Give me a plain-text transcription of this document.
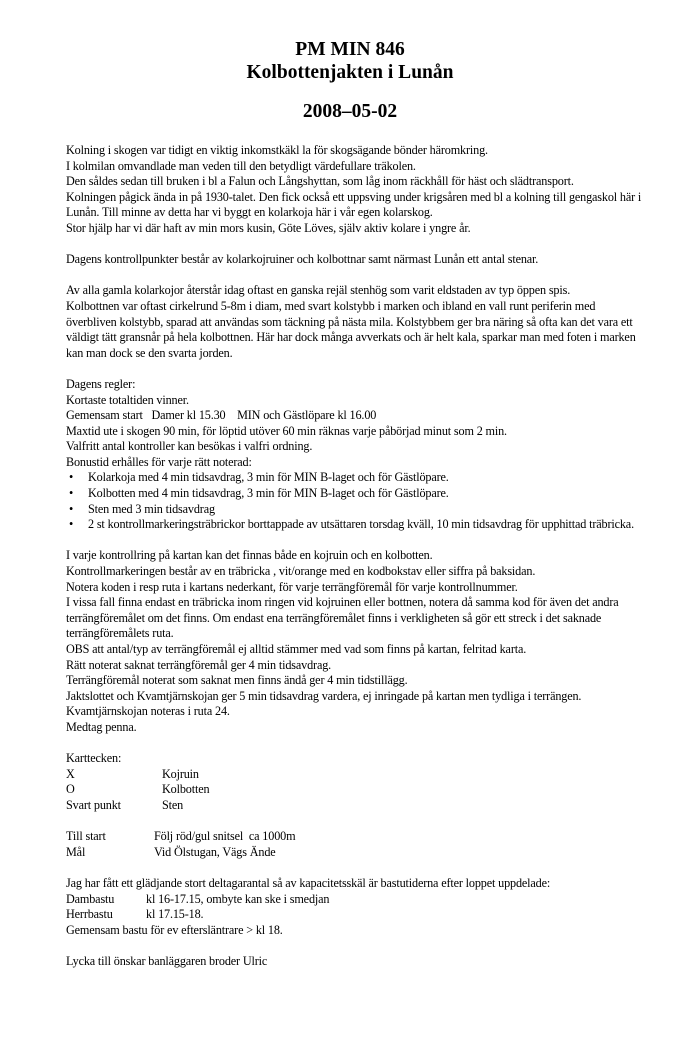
PM MIN 846
Kolbottenjakten i Lunån
2008–05-02

Kolning i skogen var tidigt en viktig inkomstkäkl la för skogsägande bönder häromkring.

I kolmilan omvandlade man veden till den betydligt värdefullare träkolen.

Den såldes sedan till bruken i bl a Falun och Långshyttan, som låg inom räckhåll för häst och slädtransport.

Kolningen pågick ända in på 1930-talet. Den fick också ett uppsving under krigsåren med bl a kolning till gengaskol här i Lunån. Till minne av detta har vi byggt en kolarkoja här i vår egen kolarskog.

Stor hjälp har vi där haft av min mors kusin, Göte Löves, själv aktiv kolare i yngre år.

Dagens kontrollpunkter består av kolarkojruiner och kolbottnar samt närmast Lunån ett antal stenar.

Av alla gamla kolarkojor återstår idag oftast en ganska rejäl stenhög som varit eldstaden av typ öppen spis.

Kolbottnen var oftast cirkelrund 5-8m i diam, med svart kolstybb i marken och ibland en vall runt periferin med överbliven kolstybb, sparad att användas som täckning på nästa mila. Kolstybbem ger bra näring så ofta kan det vara ett väldigt tätt gransnår på hela kolbottnen. Här har dock många avverkats och är helt kala, sparkar man med foten i marken kan man dock se den svarta jorden.

Dagens regler:

Kortaste totaltiden vinner.

Gemensam start   Damer kl 15.30    MIN och Gästlöpare kl 16.00

Maxtid ute i skogen 90 min, för löptid utöver 60 min räknas varje påbörjad minut som 2 min.

Valfritt antal kontroller kan besökas i valfri ordning.

Bonustid erhålles för varje rätt noterad:

• Kolarkoja med 4 min tidsavdrag, 3 min för MIN B-laget och för Gästlöpare.
• Kolbotten med 4 min tidsavdrag, 3 min för MIN B-laget och för Gästlöpare.
• Sten med 3 min tidsavdrag
• 2 st kontrollmarkeringsträbrickor borttappade av utsättaren torsdag kväll, 10 min tidsavdrag för upphittad träbricka.

I varje kontrollring på kartan kan det finnas både en kojruin och en kolbotten.

Kontrollmarkeringen består av en träbricka , vit/orange med en kodbokstav eller siffra på baksidan.

Notera koden i resp ruta i kartans nederkant, för varje terrängföremål för varje kontrollnummer.

I vissa fall finna endast en träbricka inom ringen vid kojruinen eller bottnen, notera då samma kod för även det andra terrängföremålet om det finns. Om endast ena terrängföremålet finns i verkligheten så gör ett streck i det saknade terrängföremålets ruta.

OBS att antal/typ av terrängföremål ej alltid stämmer med vad som finns på kartan, felritad karta.

Rätt noterat saknat terrängföremål ger 4 min tidsavdrag.

Terrängföremål noterat som saknat men finns ändå ger 4 min tidstillägg.

Jaktslottet och Kvamtjärnskojan ger 5 min tidsavdrag vardera, ej inringade på kartan men tydliga i terrängen. Kvamtjärnskojan noteras i ruta 24.

Medtag penna.

Karttecken:

X	Kojruin
O	Kolbotten
Svart punkt	Sten
Till start	Följ röd/gul snitsel  ca 1000m
Mål	Vid Ölstugan, Vägs Ände

Jag har fått ett glädjande stort deltagarantal så av kapacitetsskäl är bastutiderna efter loppet uppdelade:

Dambastu	kl 16-17.15, ombyte kan ske i smedjan
Herrbastu	kl 17.15-18.

Gemensam bastu för ev eftersläntrare > kl 18.

Lycka till önskar banläggaren broder Ulric
